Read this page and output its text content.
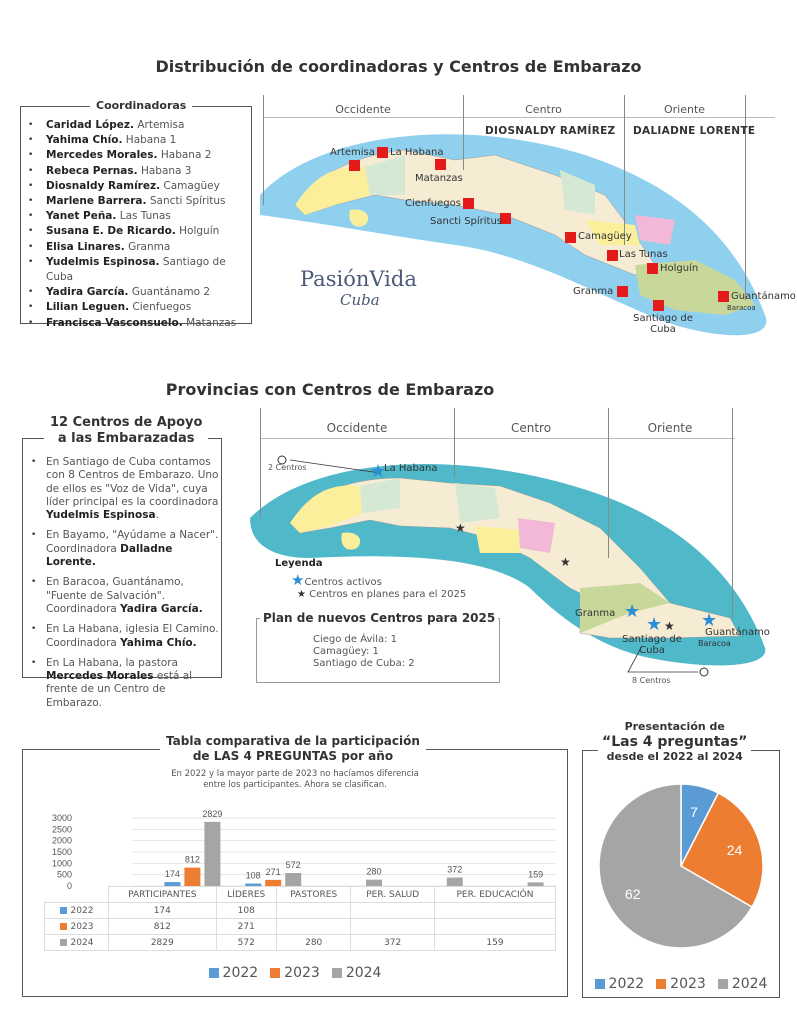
Distribución de coordinadoras y Centros de Embarazo
Coordinadoras
• Caridad López. Artemisa
• Yahima Chío. Habana 1
• Mercedes Morales. Habana 2
• Rebeca Pernas. Habana 3
• Diosnaldy Ramírez. Camagüey
• Marlene Barrera. Sancti Spíritus
• Yanet Peña. Las Tunas
• Susana E. De Ricardo. Holguín
• Elisa Linares. Granma
• Yudelmis Espinosa. Santiago de Cuba
• Yadira García. Guantánamo 2
• Lilian Leguen. Cienfuegos
• Francisca Vasconsuelo. Matanzas
Occidente	Centro	Oriente
DIOSNALDY RAMÍREZ DALIADNE LORENTE
Artemisa La Habana
Matanzas
Cienfuegos
Sancti Spíritus
Camagüey
Las Tunas
Holguín
Granma
Santiago de Cuba
Guantánamo
Baracoa
PasiónVida
Cuba
Provincias con Centros de Embarazo
12 Centros de Apoyo
a las Embarazadas
• En Santiago de Cuba contamos con 8 Centros de Embarazo. Uno de ellos es "Voz de Vida", cuya líder principal es la coordinadora Yudelmis Espinosa.
• En Bayamo, "Ayúdame a Nacer". Coordinadora Dalladne Lorente.
• En Baracoa, Guantánamo, "Fuente de Salvación". Coordinadora Yadira García.
• En La Habana, iglesia El Camino. Coordinadora Yahima Chío.
• En La Habana, la pastora Mercedes Morales está al frente de un Centro de Embarazo.
Occidente	Centro	Oriente
2 Centros
8 Centros
★
La Habana
★
★
★
Granma
★ ★
Santiago de Cuba
★
Guantánamo
Baracoa
Leyenda
★Centros activos
★ Centros en planes para el 2025
Plan de nuevos Centros para 2025
Ciego de Ávila: 1
Camagüey: 1
Santiago de Cuba: 2
Tabla comparativa de la participación
de LAS 4 PREGUNTAS por año
En 2022 y la mayor parte de 2023 no hacíamos diferencia
entre los participantes. Ahora se clasifican.
3000
2500
2000
1500
1000
500
0
174
812
2829
108 271
572
280	372	159
	PARTICIPANTES	LÍDERES	PASTORES	PER. SALUD	PER. EDUCACIÓN
2022	174	108			
2023	812	271			
2024	2829	572	280	372	159
2022 2023 2024
Presentación de
“Las 4 preguntas”
desde el 2022 al 2024
7
24
62
2022 2023 2024
